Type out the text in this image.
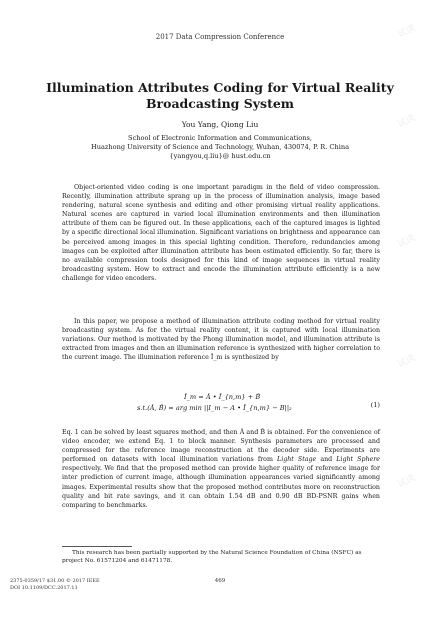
2017 Data Compression Conference
Illumination Attributes Coding for Virtual Reality
Broadcasting System
You Yang, Qiong Liu
School of Electronic Information and Communications,
Huazhong University of Science and Technology, Wuhan, 430074, P. R. China
{yangyou,q.liu}@ hust.edu.cn
Object-oriented video coding is one important paradigm in the field of video compression. Recently, illumination attribute sprang up in the process of illumination analysis, image based rendering, natural scene synthesis and editing and other promising virtual reality applications. Natural scenes are captured in varied local illumination environments and then illumination attribute of them can be figured out. In these applications, each of the captured images is lighted by a specific directional local illumination. Significant variations on brightness and appearance can be perceived among images in this special lighting condition. Therefore, redundancies among images can be exploited after illumination attribute has been estimated efficiently. So far, there is no available compression tools designed for this kind of image sequences in virtual reality broadcasting system. How to extract and encode the illumination attribute efficiently is a new challenge for video encoders.
In this paper, we propose a method of illumination attribute coding method for virtual reality broadcasting system. As for the virtual reality content, it is captured with local illumination variations. Our method is motivated by the Phong illumination model, and illumination attribute is extracted from images and then an illumination reference is synthesized with higher correlation to the current image. The illumination reference Î_m is synthesized by
Î_m = Â • Ĩ_{n,m} + B̂
s.t.(Â, B̂) = arg min ||I_m − A • Ĩ_{n,m} − B||₂	(1)
Eq. 1 can be solved by least squares method, and then Â and B̂ is obtained. For the convenience of video encoder, we extend Eq. 1 to block manner. Synthesis parameters are processed and compressed for the reference image reconstruction at the decoder side. Experiments are performed on datasets with local illumination variations from Light Stage and Light Sphere respectively. We find that the proposed method can provide higher quality of reference image for inter prediction of current image, although illumination appearances varied significantly among images. Experimental results show that the proposed method contributes more on reconstruction quality and bit rate savings, and it can obtain 1.54 dB and 0.90 dB BD-PSNR gains when comparing to benchmarks.
This research has been partially supported by the Natural Science Foundation of China (NSFC) as project No. 61571204 and 61471178.
2375-0359/17 $31.00 © 2017 IEEE
DOI 10.1109/DCC.2017.11
469
试读
试读
试读
试读
试读
